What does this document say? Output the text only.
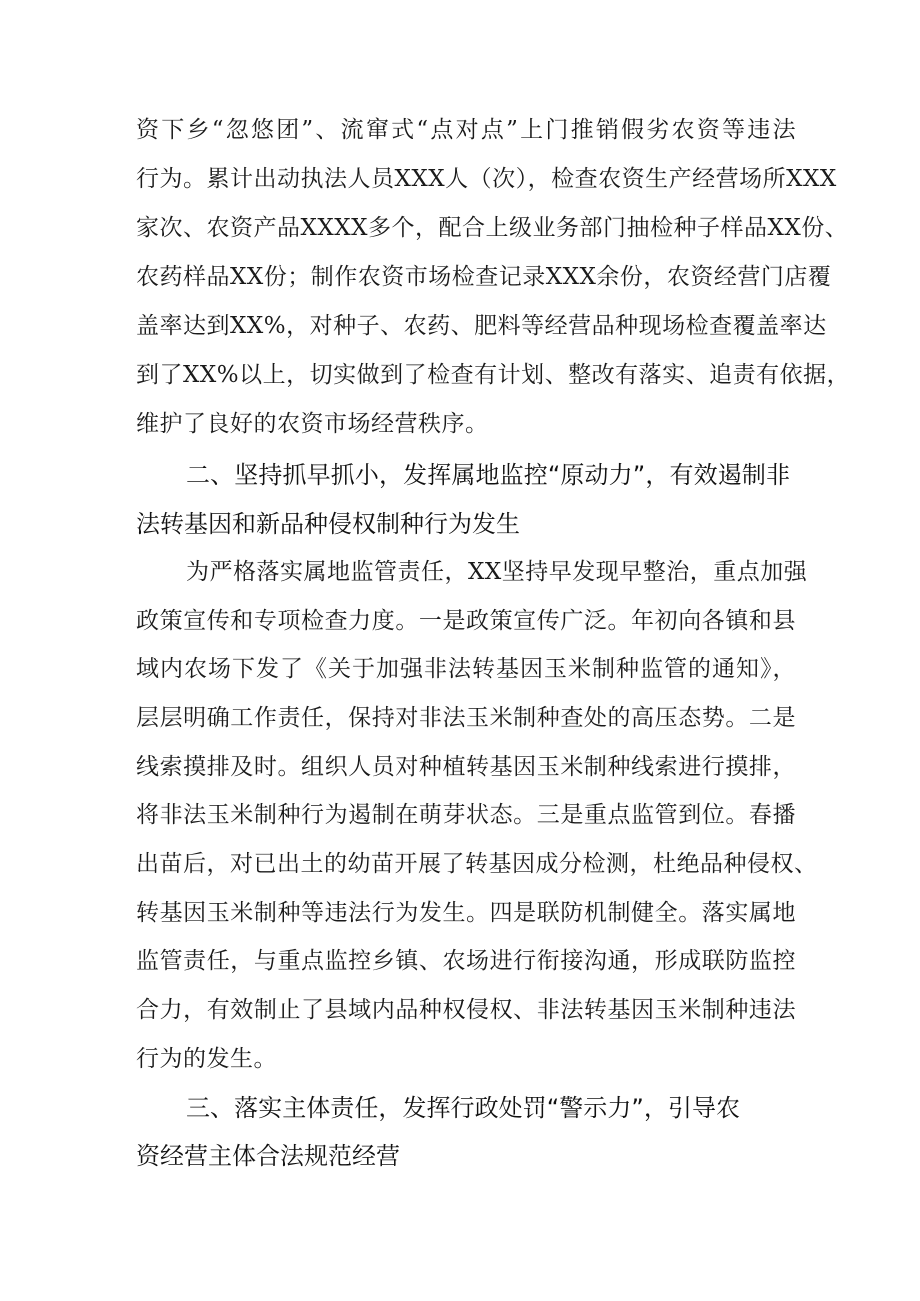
资下乡“忽悠团”、流窜式“点对点”上门推销假劣农资等违法
行为。累计出动执法人员XXX人（次），检查农资生产经营场所XXX
家次、农资产品XXXX多个，配合上级业务部门抽检种子样品XX份、
农药样品XX份；制作农资市场检查记录XXX余份，农资经营门店覆
盖率达到XX%，对种子、农药、肥料等经营品种现场检查覆盖率达
到了XX%以上，切实做到了检查有计划、整改有落实、追责有依据，
维护了良好的农资市场经营秩序。
二、坚持抓早抓小，发挥属地监控“原动力”，有效遏制非
法转基因和新品种侵权制种行为发生
为严格落实属地监管责任，XX坚持早发现早整治，重点加强
政策宣传和专项检查力度。一是政策宣传广泛。年初向各镇和县
域内农场下发了《关于加强非法转基因玉米制种监管的通知》，
层层明确工作责任，保持对非法玉米制种查处的高压态势。二是
线索摸排及时。组织人员对种植转基因玉米制种线索进行摸排，
将非法玉米制种行为遏制在萌芽状态。三是重点监管到位。春播
出苗后，对已出土的幼苗开展了转基因成分检测，杜绝品种侵权、
转基因玉米制种等违法行为发生。四是联防机制健全。落实属地
监管责任，与重点监控乡镇、农场进行衔接沟通，形成联防监控
合力，有效制止了县域内品种权侵权、非法转基因玉米制种违法
行为的发生。
三、落实主体责任，发挥行政处罚“警示力”，引导农
资经营主体合法规范经营
